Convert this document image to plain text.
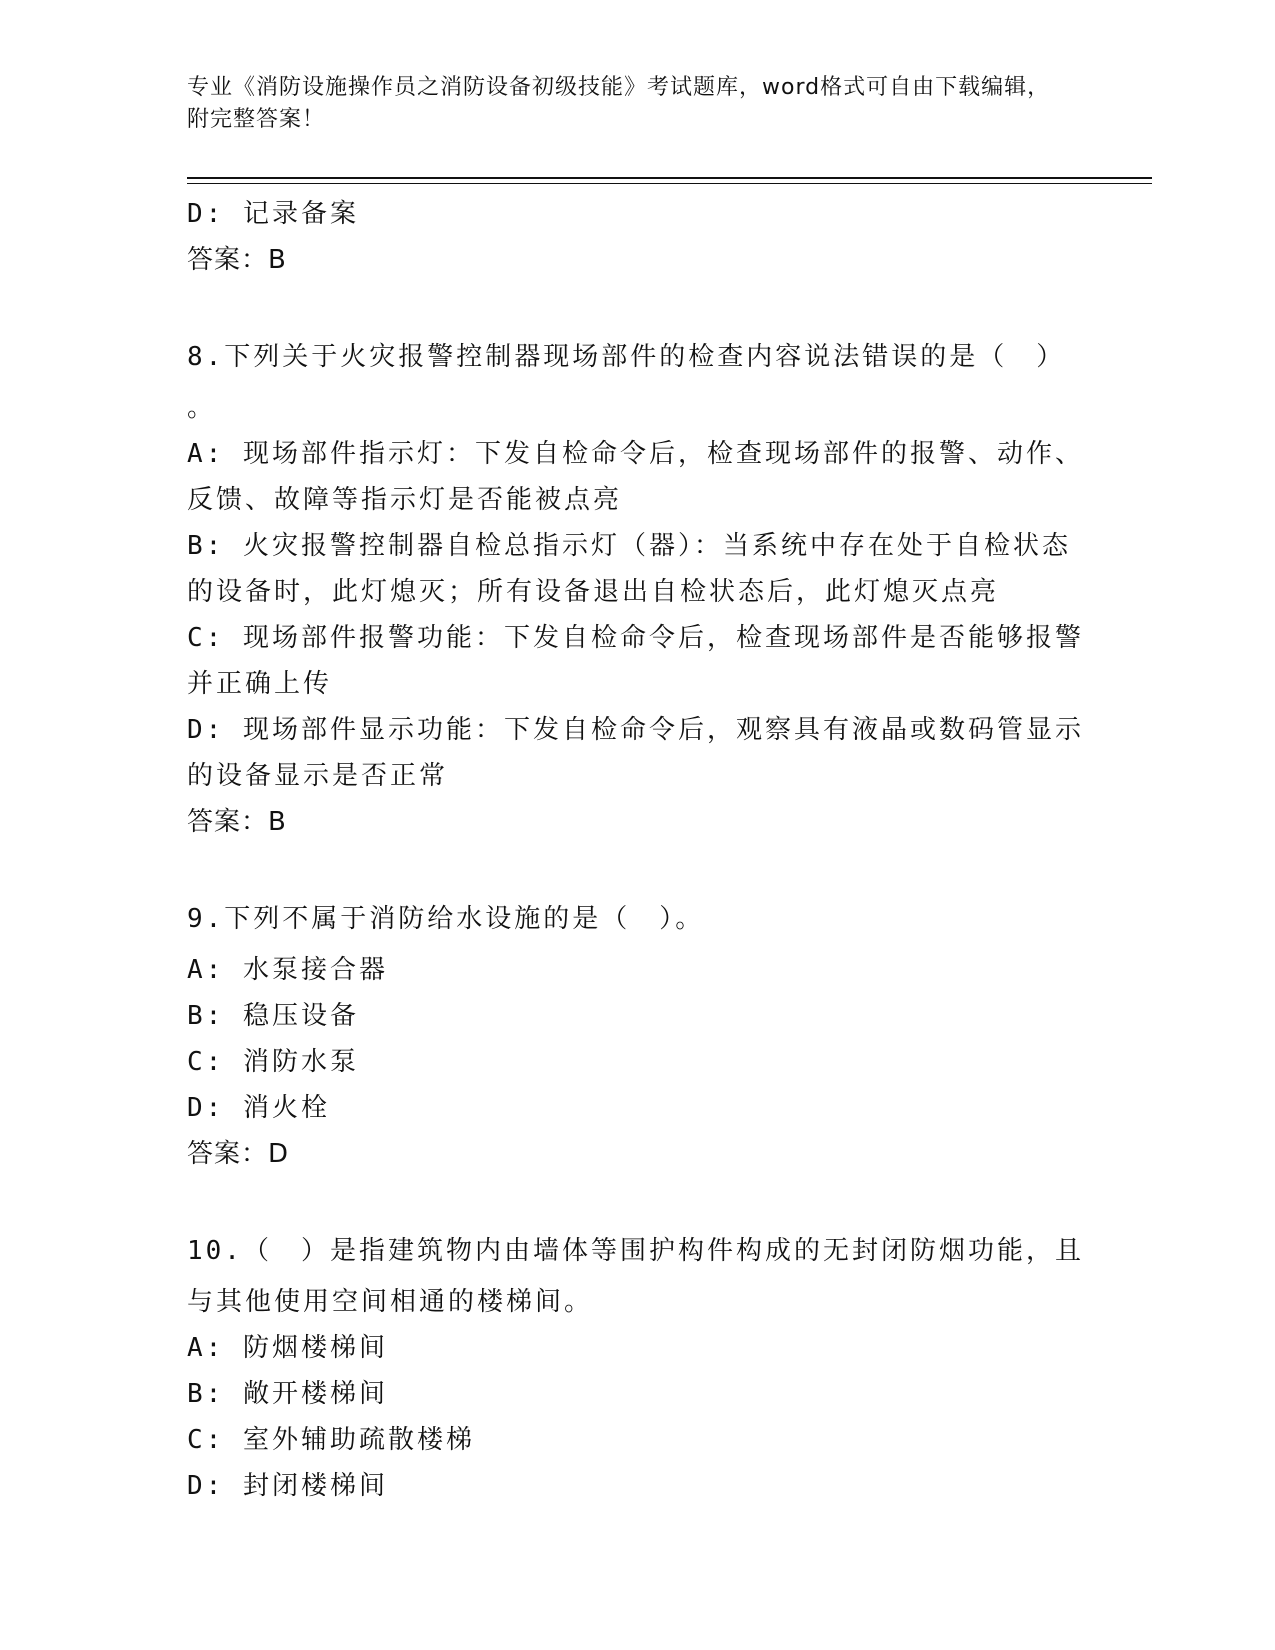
专业《消防设施操作员之消防设备初级技能》考试题库，word格式可自由下载编辑，附完整答案！

D: 记录备案

答案：B

8.下列关于火灾报警控制器现场部件的检查内容说法错误的是（　）

。

A: 现场部件指示灯：下发自检命令后，检查现场部件的报警、动作、

反馈、故障等指示灯是否能被点亮

B: 火灾报警控制器自检总指示灯（器）：当系统中存在处于自检状态

的设备时，此灯熄灭；所有设备退出自检状态后，此灯熄灭点亮

C: 现场部件报警功能：下发自检命令后，检查现场部件是否能够报警

并正确上传

D: 现场部件显示功能：下发自检命令后，观察具有液晶或数码管显示

的设备显示是否正常

答案：B

9.下列不属于消防给水设施的是（　）。

A: 水泵接合器

B: 稳压设备

C: 消防水泵

D: 消火栓

答案：D

10.（　）是指建筑物内由墙体等围护构件构成的无封闭防烟功能，且

与其他使用空间相通的楼梯间。

A: 防烟楼梯间

B: 敞开楼梯间

C: 室外辅助疏散楼梯

D: 封闭楼梯间
